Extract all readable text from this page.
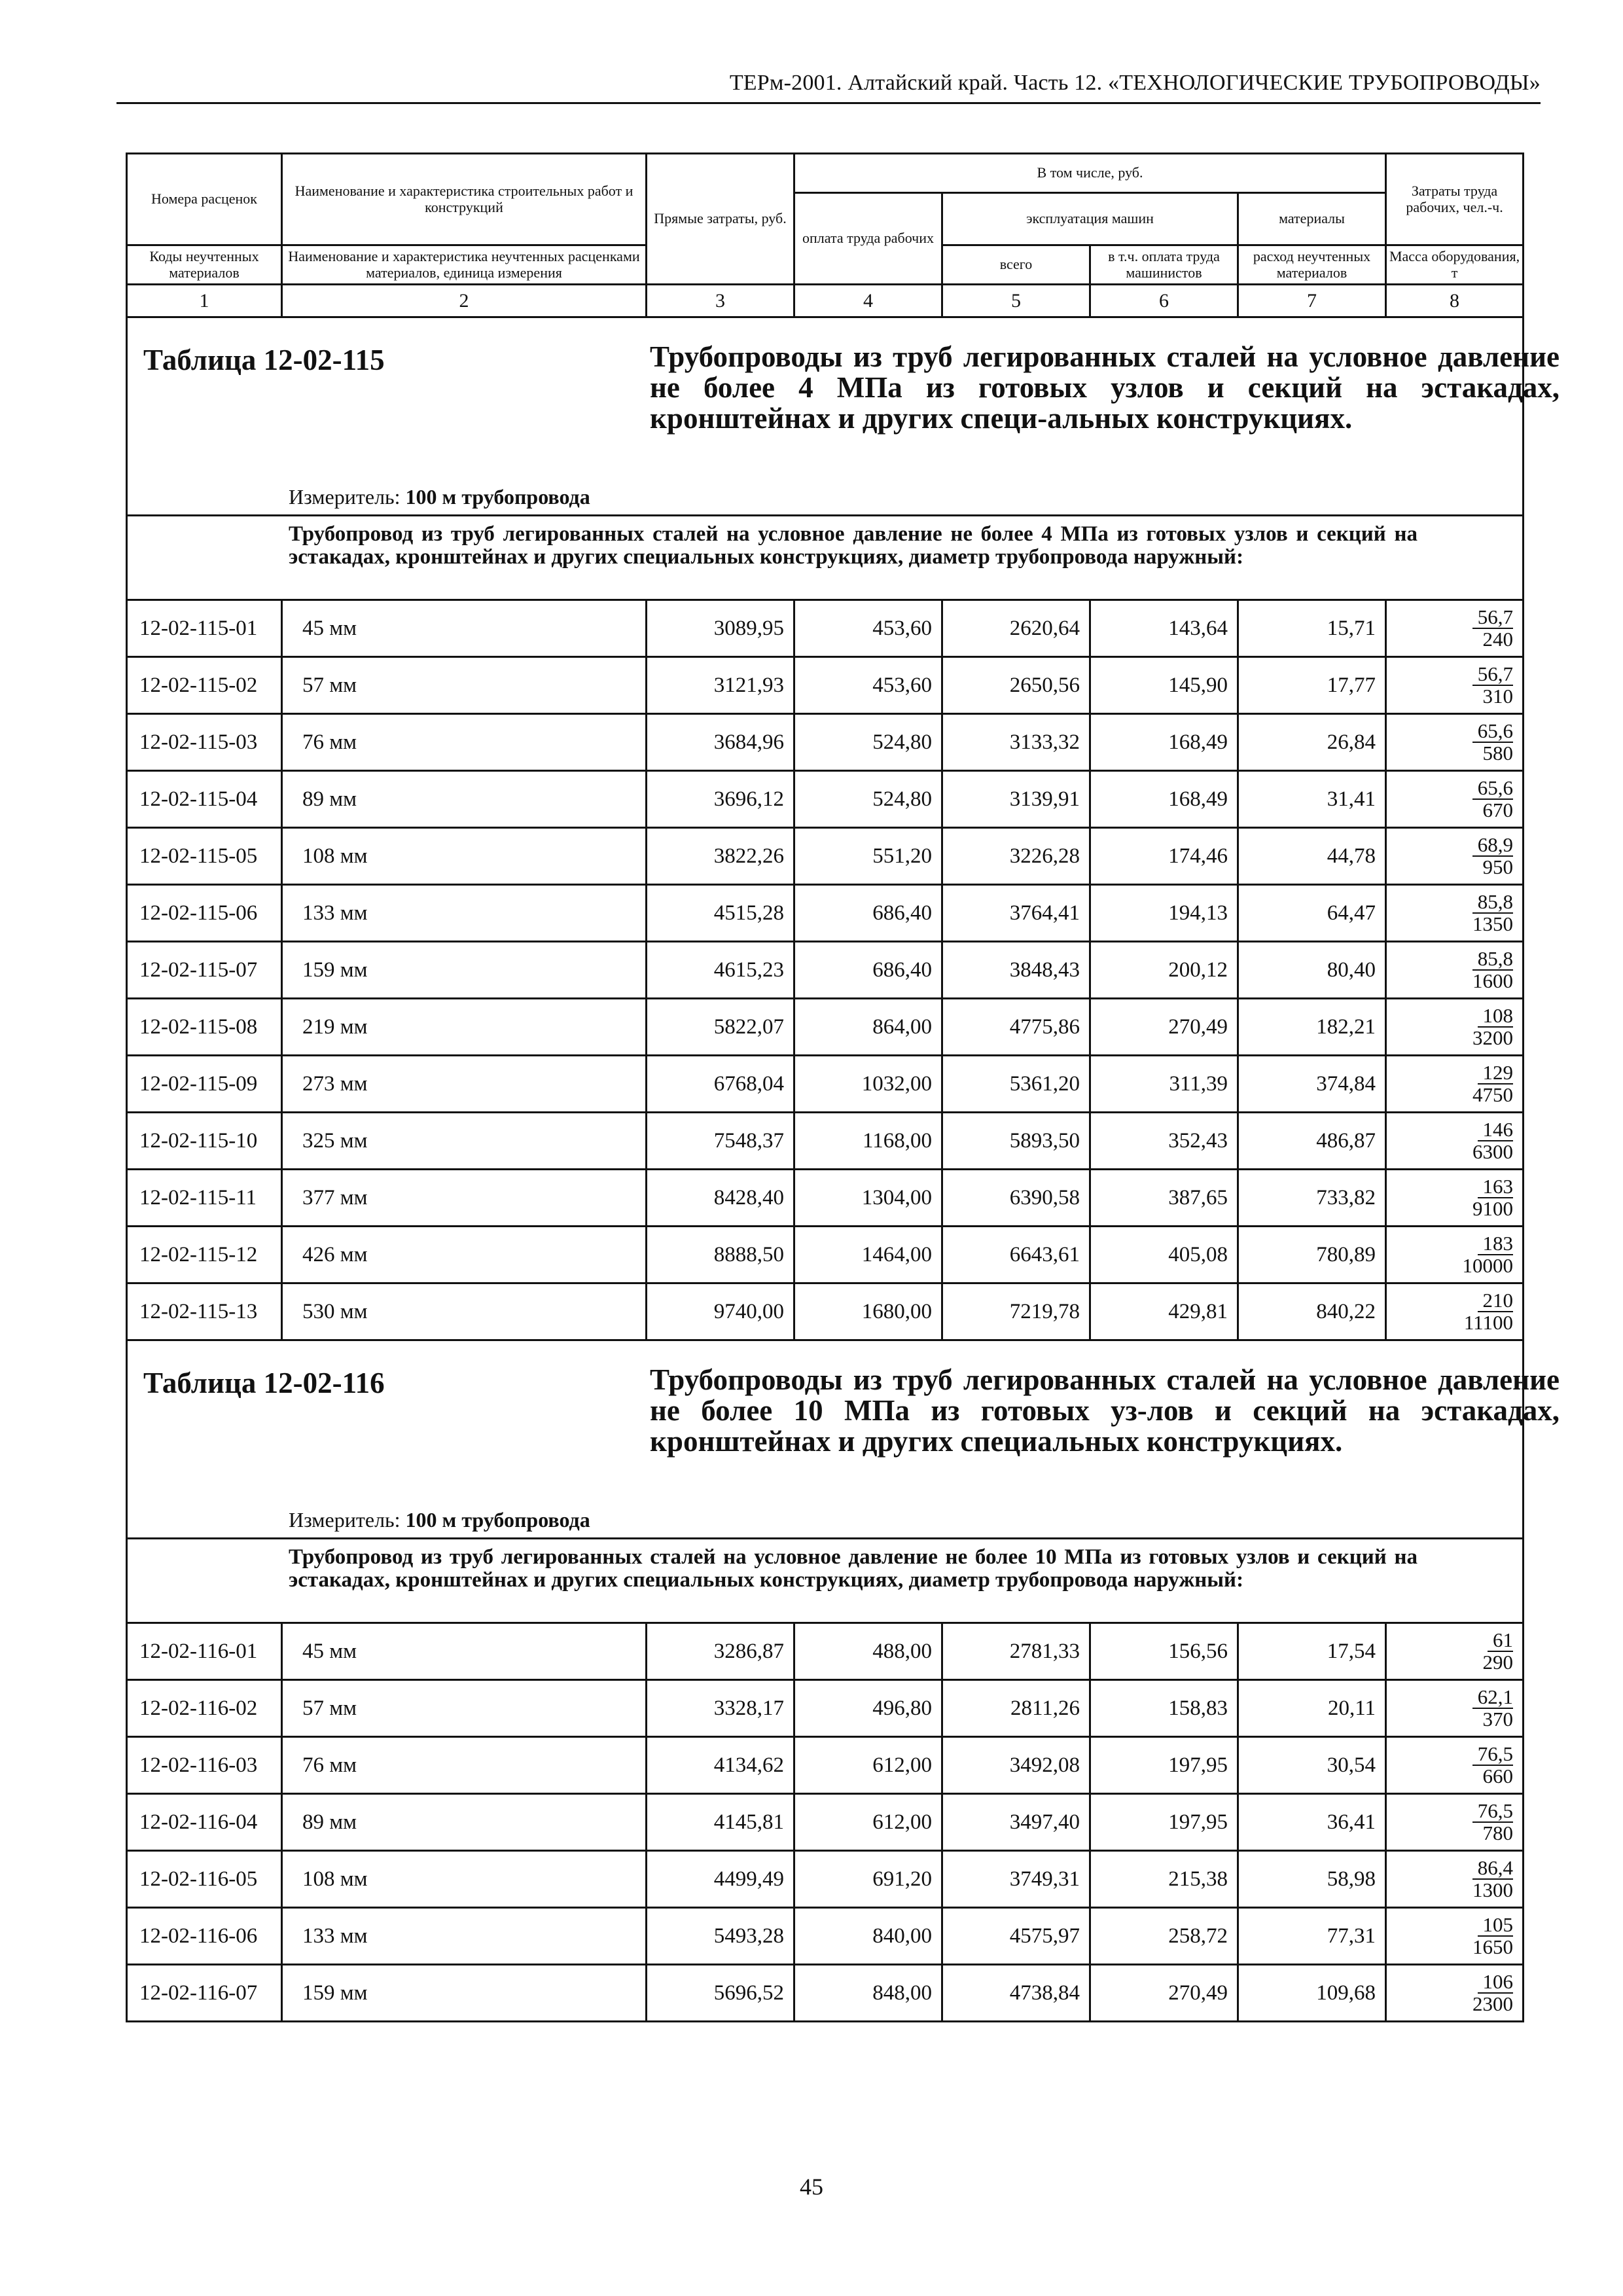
ТЕРм-2001. Алтайский край. Часть 12. «ТЕХНОЛОГИЧЕСКИЕ ТРУБОПРОВОДЫ»
Номера расценок	Наименование и характеристика строительных работ и конструкций	Прямые затраты, руб.	В том числе, руб.				Затраты труда рабочих, чел.-ч.
			оплата труда рабочих	эксплуатация машин		материалы	
Коды неучтенных материалов	Наименование и характеристика неучтенных расценками материалов, единица измерения			всего	в т.ч. оплата труда машинистов	расход неучтенных материалов	Масса оборудования, т

1	2	3	4	5	6	7	8

Таблица 12-02-115 Трубопроводы из труб легированных сталей на условное давление не более 4 МПа из готовых узлов и секций на эстакадах, кронштейнах и других специ-альных конструкциях.
Измеритель: 100 м трубопровода							

Трубопровод из труб легированных сталей на условное давление не более 4 МПа из готовых узлов и секций на эстакадах, кронштейнах и других специальных конструкциях, диаметр трубопровода наружный:							

12-02-115-01	45 мм	3089,95	453,60	2620,64	143,64	15,71	$\frac{56,7}{240}$

12-02-115-02	57 мм	3121,93	453,60	2650,56	145,90	17,77	$\frac{56,7}{310}$

12-02-115-03	76 мм	3684,96	524,80	3133,32	168,49	26,84	$\frac{65,6}{580}$

12-02-115-04	89 мм	3696,12	524,80	3139,91	168,49	31,41	$\frac{65,6}{670}$

12-02-115-05	108 мм	3822,26	551,20	3226,28	174,46	44,78	$\frac{68,9}{950}$

12-02-115-06	133 мм	4515,28	686,40	3764,41	194,13	64,47	$\frac{85,8}{1350}$

12-02-115-07	159 мм	4615,23	686,40	3848,43	200,12	80,40	$\frac{85,8}{1600}$

12-02-115-08	219 мм	5822,07	864,00	4775,86	270,49	182,21	$\frac{108}{3200}$

12-02-115-09	273 мм	6768,04	1032,00	5361,20	311,39	374,84	$\frac{129}{4750}$

12-02-115-10	325 мм	7548,37	1168,00	5893,50	352,43	486,87	$\frac{146}{6300}$

12-02-115-11	377 мм	8428,40	1304,00	6390,58	387,65	733,82	$\frac{163}{9100}$

12-02-115-12	426 мм	8888,50	1464,00	6643,61	405,08	780,89	$\frac{183}{10000}$

12-02-115-13	530 мм	9740,00	1680,00	7219,78	429,81	840,22	$\frac{210}{11100}$

Таблица 12-02-116 Трубопроводы из труб легированных сталей на условное давление не более 10 МПа из готовых уз-лов и секций на эстакадах, кронштейнах и других специальных конструкциях.
Измеритель: 100 м трубопровода							

Трубопровод из труб легированных сталей на условное давление не более 10 МПа из готовых узлов и секций на эстакадах, кронштейнах и других специальных конструкциях, диаметр трубопровода наружный:							

12-02-116-01	45 мм	3286,87	488,00	2781,33	156,56	17,54	$\frac{61}{290}$

12-02-116-02	57 мм	3328,17	496,80	2811,26	158,83	20,11	$\frac{62,1}{370}$

12-02-116-03	76 мм	4134,62	612,00	3492,08	197,95	30,54	$\frac{76,5}{660}$

12-02-116-04	89 мм	4145,81	612,00	3497,40	197,95	36,41	$\frac{76,5}{780}$

12-02-116-05	108 мм	4499,49	691,20	3749,31	215,38	58,98	$\frac{86,4}{1300}$

12-02-116-06	133 мм	5493,28	840,00	4575,97	258,72	77,31	$\frac{105}{1650}$

12-02-116-07	159 мм	5696,52	848,00	4738,84	270,49	109,68	$\frac{106}{2300}$
45
